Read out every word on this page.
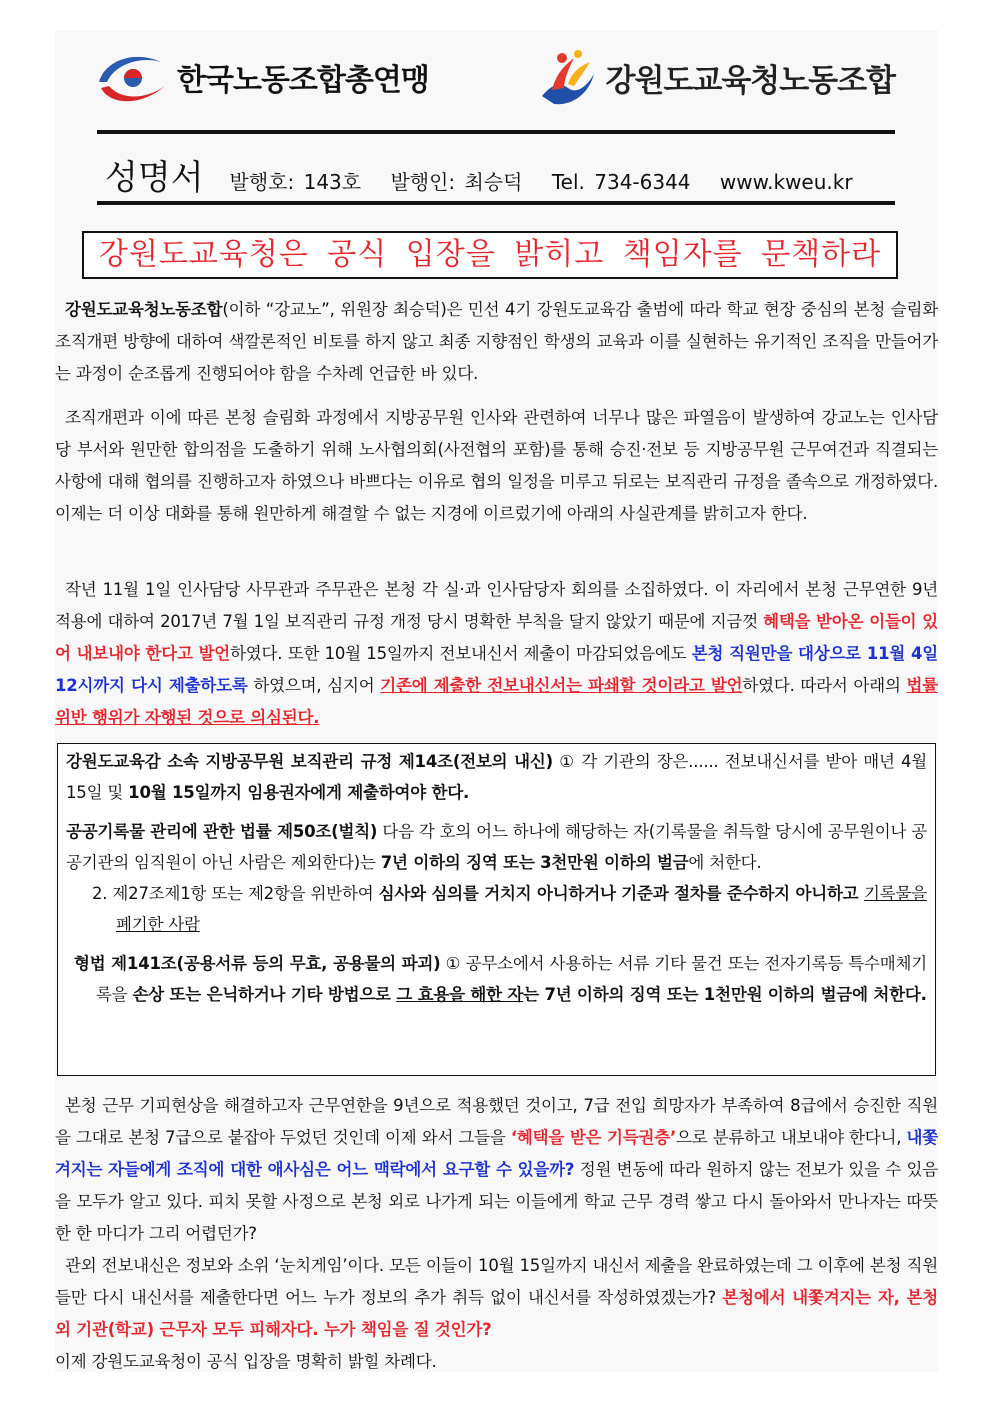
한국노동조합총연맹	강원도교육청노동조합
성명서 발행호: 143호 발행인: 최승덕 Tel. 734-6344 www.kweu.kr
강원도교육청은 공식 입장을 밝히고 책임자를 문책하라

강원도교육청노동조합(이하 “강교노”, 위원장 최승덕)은 민선 4기 강원도교육감 출범에 따라 학교 현장 중심의 본청 슬림화 조직개편 방향에 대하여 색깔론적인 비토를 하지 않고 최종 지향점인 학생의 교육과 이를 실현하는 유기적인 조직을 만들어가는 과정이 순조롭게 진행되어야 함을 수차례 언급한 바 있다.

조직개편과 이에 따른 본청 슬림화 과정에서 지방공무원 인사와 관련하여 너무나 많은 파열음이 발생하여 강교노는 인사담당 부서와 원만한 합의점을 도출하기 위해 노사협의회(사전협의 포함)를 통해 승진·전보 등 지방공무원 근무여건과 직결되는 사항에 대해 협의를 진행하고자 하였으나 바쁘다는 이유로 협의 일정을 미루고 뒤로는 보직관리 규정을 졸속으로 개정하였다. 이제는 더 이상 대화를 통해 원만하게 해결할 수 없는 지경에 이르렀기에 아래의 사실관계를 밝히고자 한다.

작년 11월 1일 인사담당 사무관과 주무관은 본청 각 실·과 인사담당자 회의를 소집하였다. 이 자리에서 본청 근무연한 9년 적용에 대하여 2017년 7월 1일 보직관리 규정 개정 당시 명확한 부칙을 달지 않았기 때문에 지금껏 혜택을 받아온 이들이 있어 내보내야 한다고 발언하였다. 또한 10월 15일까지 전보내신서 제출이 마감되었음에도 본청 직원만을 대상으로 11월 4일 12시까지 다시 제출하도록 하였으며, 심지어 기존에 제출한 전보내신서는 파쇄할 것이라고 발언하였다. 따라서 아래의 법률 위반 행위가 자행된 것으로 의심된다.

강원도교육감 소속 지방공무원 보직관리 규정 제14조(전보의 내신) ① 각 기관의 장은...... 전보내신서를 받아 매년 4월 15일 및 10월 15일까지 임용권자에게 제출하여야 한다.

공공기록물 관리에 관한 법률 제50조(벌칙) 다음 각 호의 어느 하나에 해당하는 자(기록물을 취득할 당시에 공무원이나 공공기관의 임직원이 아닌 사람은 제외한다)는 7년 이하의 징역 또는 3천만원 이하의 벌금에 처한다.

2. 제27조제1항 또는 제2항을 위반하여 심사와 심의를 거치지 아니하거나 기준과 절차를 준수하지 아니하고 기록물을 폐기한 사람

형법 제141조(공용서류 등의 무효, 공용물의 파괴) ① 공무소에서 사용하는 서류 기타 물건 또는 전자기록등 특수매체기록을 손상 또는 은닉하거나 기타 방법으로 그 효용을 해한 자는 7년 이하의 징역 또는 1천만원 이하의 벌금에 처한다.

본청 근무 기피현상을 해결하고자 근무연한을 9년으로 적용했던 것이고, 7급 전입 희망자가 부족하여 8급에서 승진한 직원을 그대로 본청 7급으로 붙잡아 두었던 것인데 이제 와서 그들을 ‘혜택을 받은 기득권층’으로 분류하고 내보내야 한다니, 내쫓겨지는 자들에게 조직에 대한 애사심은 어느 맥락에서 요구할 수 있을까? 정원 변동에 따라 원하지 않는 전보가 있을 수 있음을 모두가 알고 있다. 피치 못할 사정으로 본청 외로 나가게 되는 이들에게 학교 근무 경력 쌓고 다시 돌아와서 만나자는 따뜻한 한 마디가 그리 어렵던가?

관외 전보내신은 정보와 소위 ‘눈치게임’이다. 모든 이들이 10월 15일까지 내신서 제출을 완료하였는데 그 이후에 본청 직원들만 다시 내신서를 제출한다면 어느 누가 정보의 추가 취득 없이 내신서를 작성하였겠는가? 본청에서 내쫓겨지는 자, 본청 외 기관(학교) 근무자 모두 피해자다. 누가 책임을 질 것인가?

이제 강원도교육청이 공식 입장을 명확히 밝힐 차례다.
